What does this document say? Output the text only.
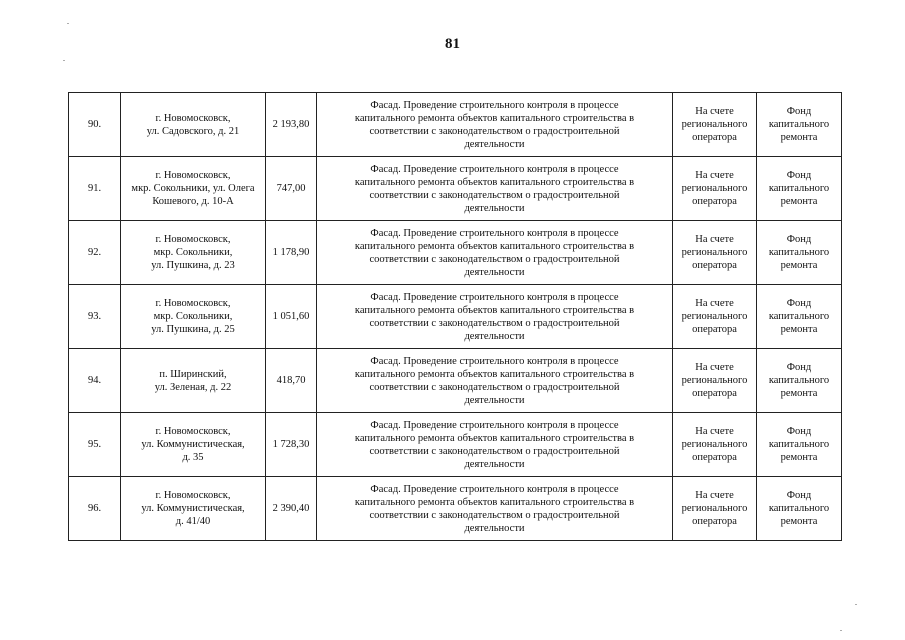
81
90.	г. Новомосковск,
ул. Садовского, д. 21	2 193,80	Фасад. Проведение строительного контроля в процессе
капитального ремонта объектов капитального строительства в
соответствии с законодательством о градостроительной
деятельности	На счете
регионального
оператора	Фонд
капитального
ремонта

91.	г. Новомосковск,
мкр. Сокольники, ул. Олега
Кошевого, д. 10-А	747,00	Фасад. Проведение строительного контроля в процессе
капитального ремонта объектов капитального строительства в
соответствии с законодательством о градостроительной
деятельности	На счете
регионального
оператора	Фонд
капитального
ремонта

92.	г. Новомосковск,
мкр. Сокольники,
ул. Пушкина, д. 23	1 178,90	Фасад. Проведение строительного контроля в процессе
капитального ремонта объектов капитального строительства в
соответствии с законодательством о градостроительной
деятельности	На счете
регионального
оператора	Фонд
капитального
ремонта

93.	г. Новомосковск,
мкр. Сокольники,
ул. Пушкина, д. 25	1 051,60	Фасад. Проведение строительного контроля в процессе
капитального ремонта объектов капитального строительства в
соответствии с законодательством о градостроительной
деятельности	На счете
регионального
оператора	Фонд
капитального
ремонта

94.	п. Ширинский,
ул. Зеленая, д. 22	418,70	Фасад. Проведение строительного контроля в процессе
капитального ремонта объектов капитального строительства в
соответствии с законодательством о градостроительной
деятельности	На счете
регионального
оператора	Фонд
капитального
ремонта

95.	г. Новомосковск,
ул. Коммунистическая,
д. 35	1 728,30	Фасад. Проведение строительного контроля в процессе
капитального ремонта объектов капитального строительства в
соответствии с законодательством о градостроительной
деятельности	На счете
регионального
оператора	Фонд
капитального
ремонта

96.	г. Новомосковск,
ул. Коммунистическая,
д. 41/40	2 390,40	Фасад. Проведение строительного контроля в процессе
капитального ремонта объектов капитального строительства в
соответствии с законодательством о градостроительной
деятельности	На счете
регионального
оператора	Фонд
капитального
ремонта
